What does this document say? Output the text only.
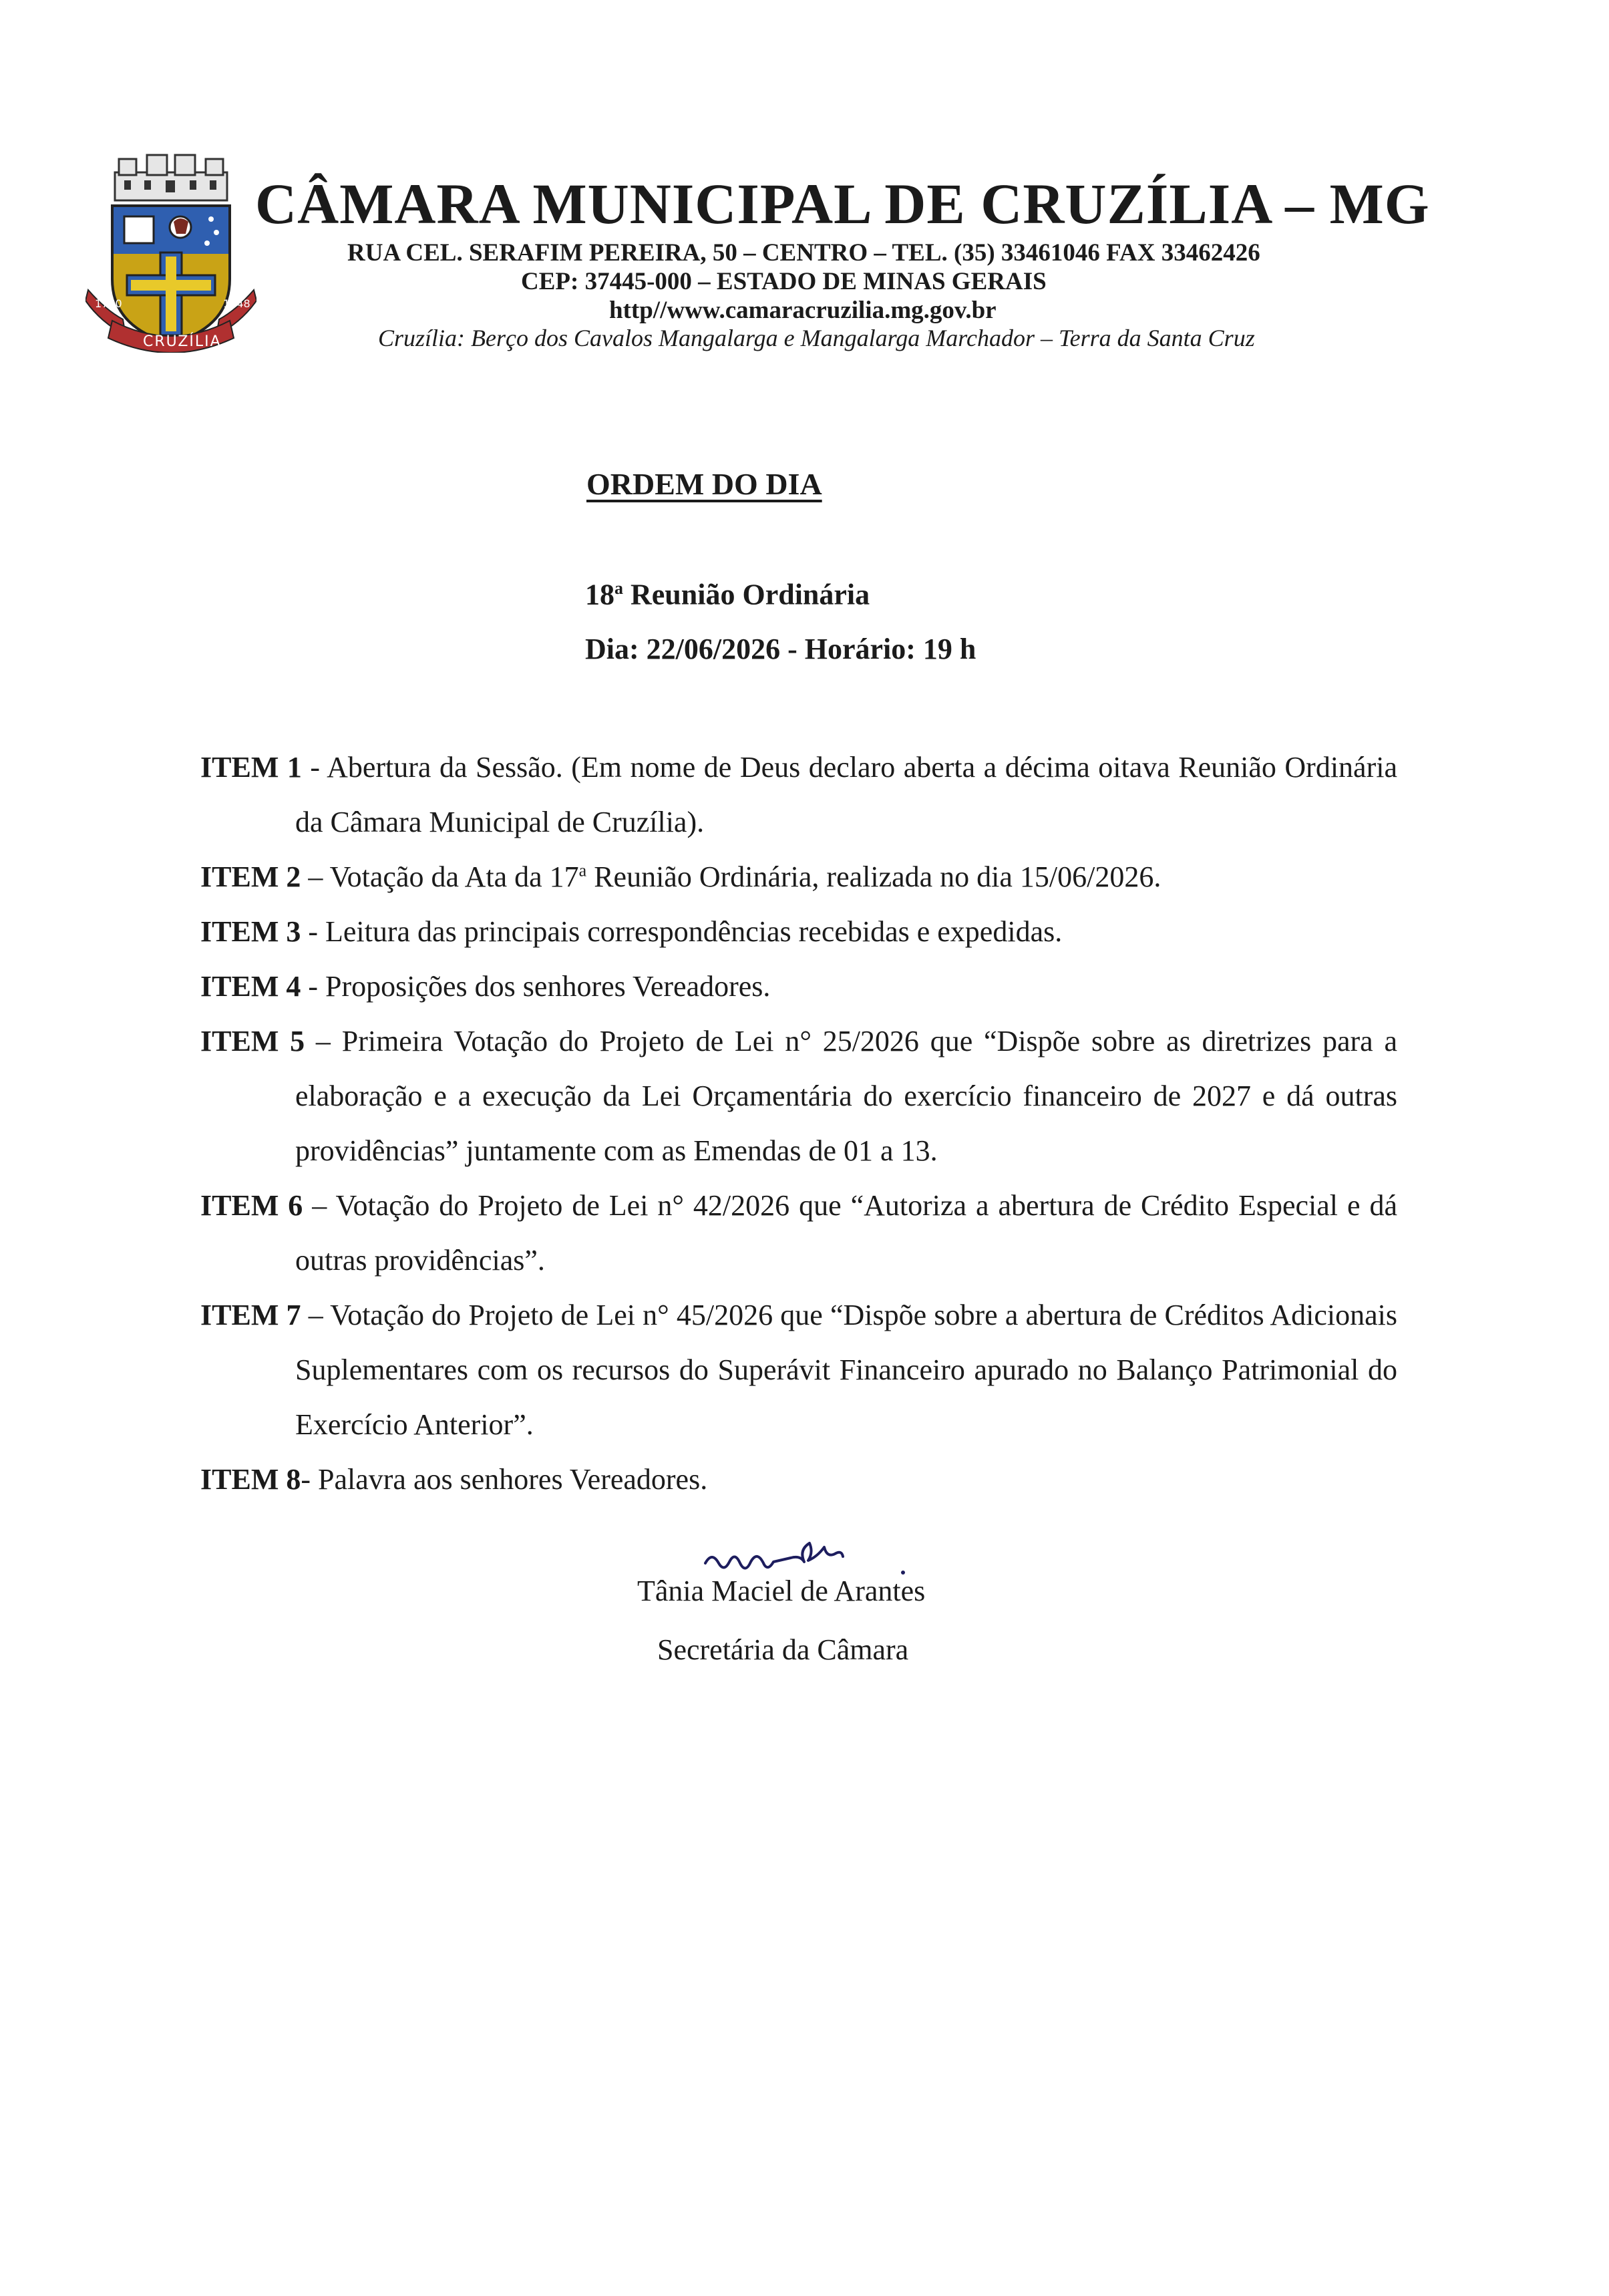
1720	1948
CRUZÍLIA
CÂMARA MUNICIPAL DE CRUZÍLIA – MG
RUA CEL. SERAFIM PEREIRA, 50 – CENTRO – TEL. (35) 33461046 FAX 33462426
CEP: 37445-000 – ESTADO DE MINAS GERAIS
http//www.camaracruzilia.mg.gov.br
Cruzília: Berço dos Cavalos Mangalarga e Mangalarga Marchador – Terra da Santa Cruz
ORDEM DO DIA
18$^a$ Reunião Ordinária
Dia: 22/06/2026 - Horário: 19 h

ITEM 1 - Abertura da Sessão. (Em nome de Deus declaro aberta a décima oitava Reunião Ordinária da Câmara Municipal de Cruzília).

ITEM 2 – Votação da Ata da 17$^a$ Reunião Ordinária, realizada no dia 15/06/2026.

ITEM 3 - Leitura das principais correspondências recebidas e expedidas.

ITEM 4 - Proposições dos senhores Vereadores.

ITEM 5 – Primeira Votação do Projeto de Lei n° 25/2026 que “Dispõe sobre as diretrizes para a elaboração e a execução da Lei Orçamentária do exercício financeiro de 2027 e dá outras providências” juntamente com as Emendas de 01 a 13.

ITEM 6 – Votação do Projeto de Lei n° 42/2026 que “Autoriza a abertura de Crédito Especial e dá outras providências”.

ITEM 7 – Votação do Projeto de Lei n° 45/2026 que “Dispõe sobre a abertura de Créditos Adicionais Suplementares com os recursos do Superávit Financeiro apurado no Balanço Patrimonial do Exercício Anterior”.

ITEM 8- Palavra aos senhores Vereadores.

Tânia Maciel de Arantes
Secretária da Câmara
